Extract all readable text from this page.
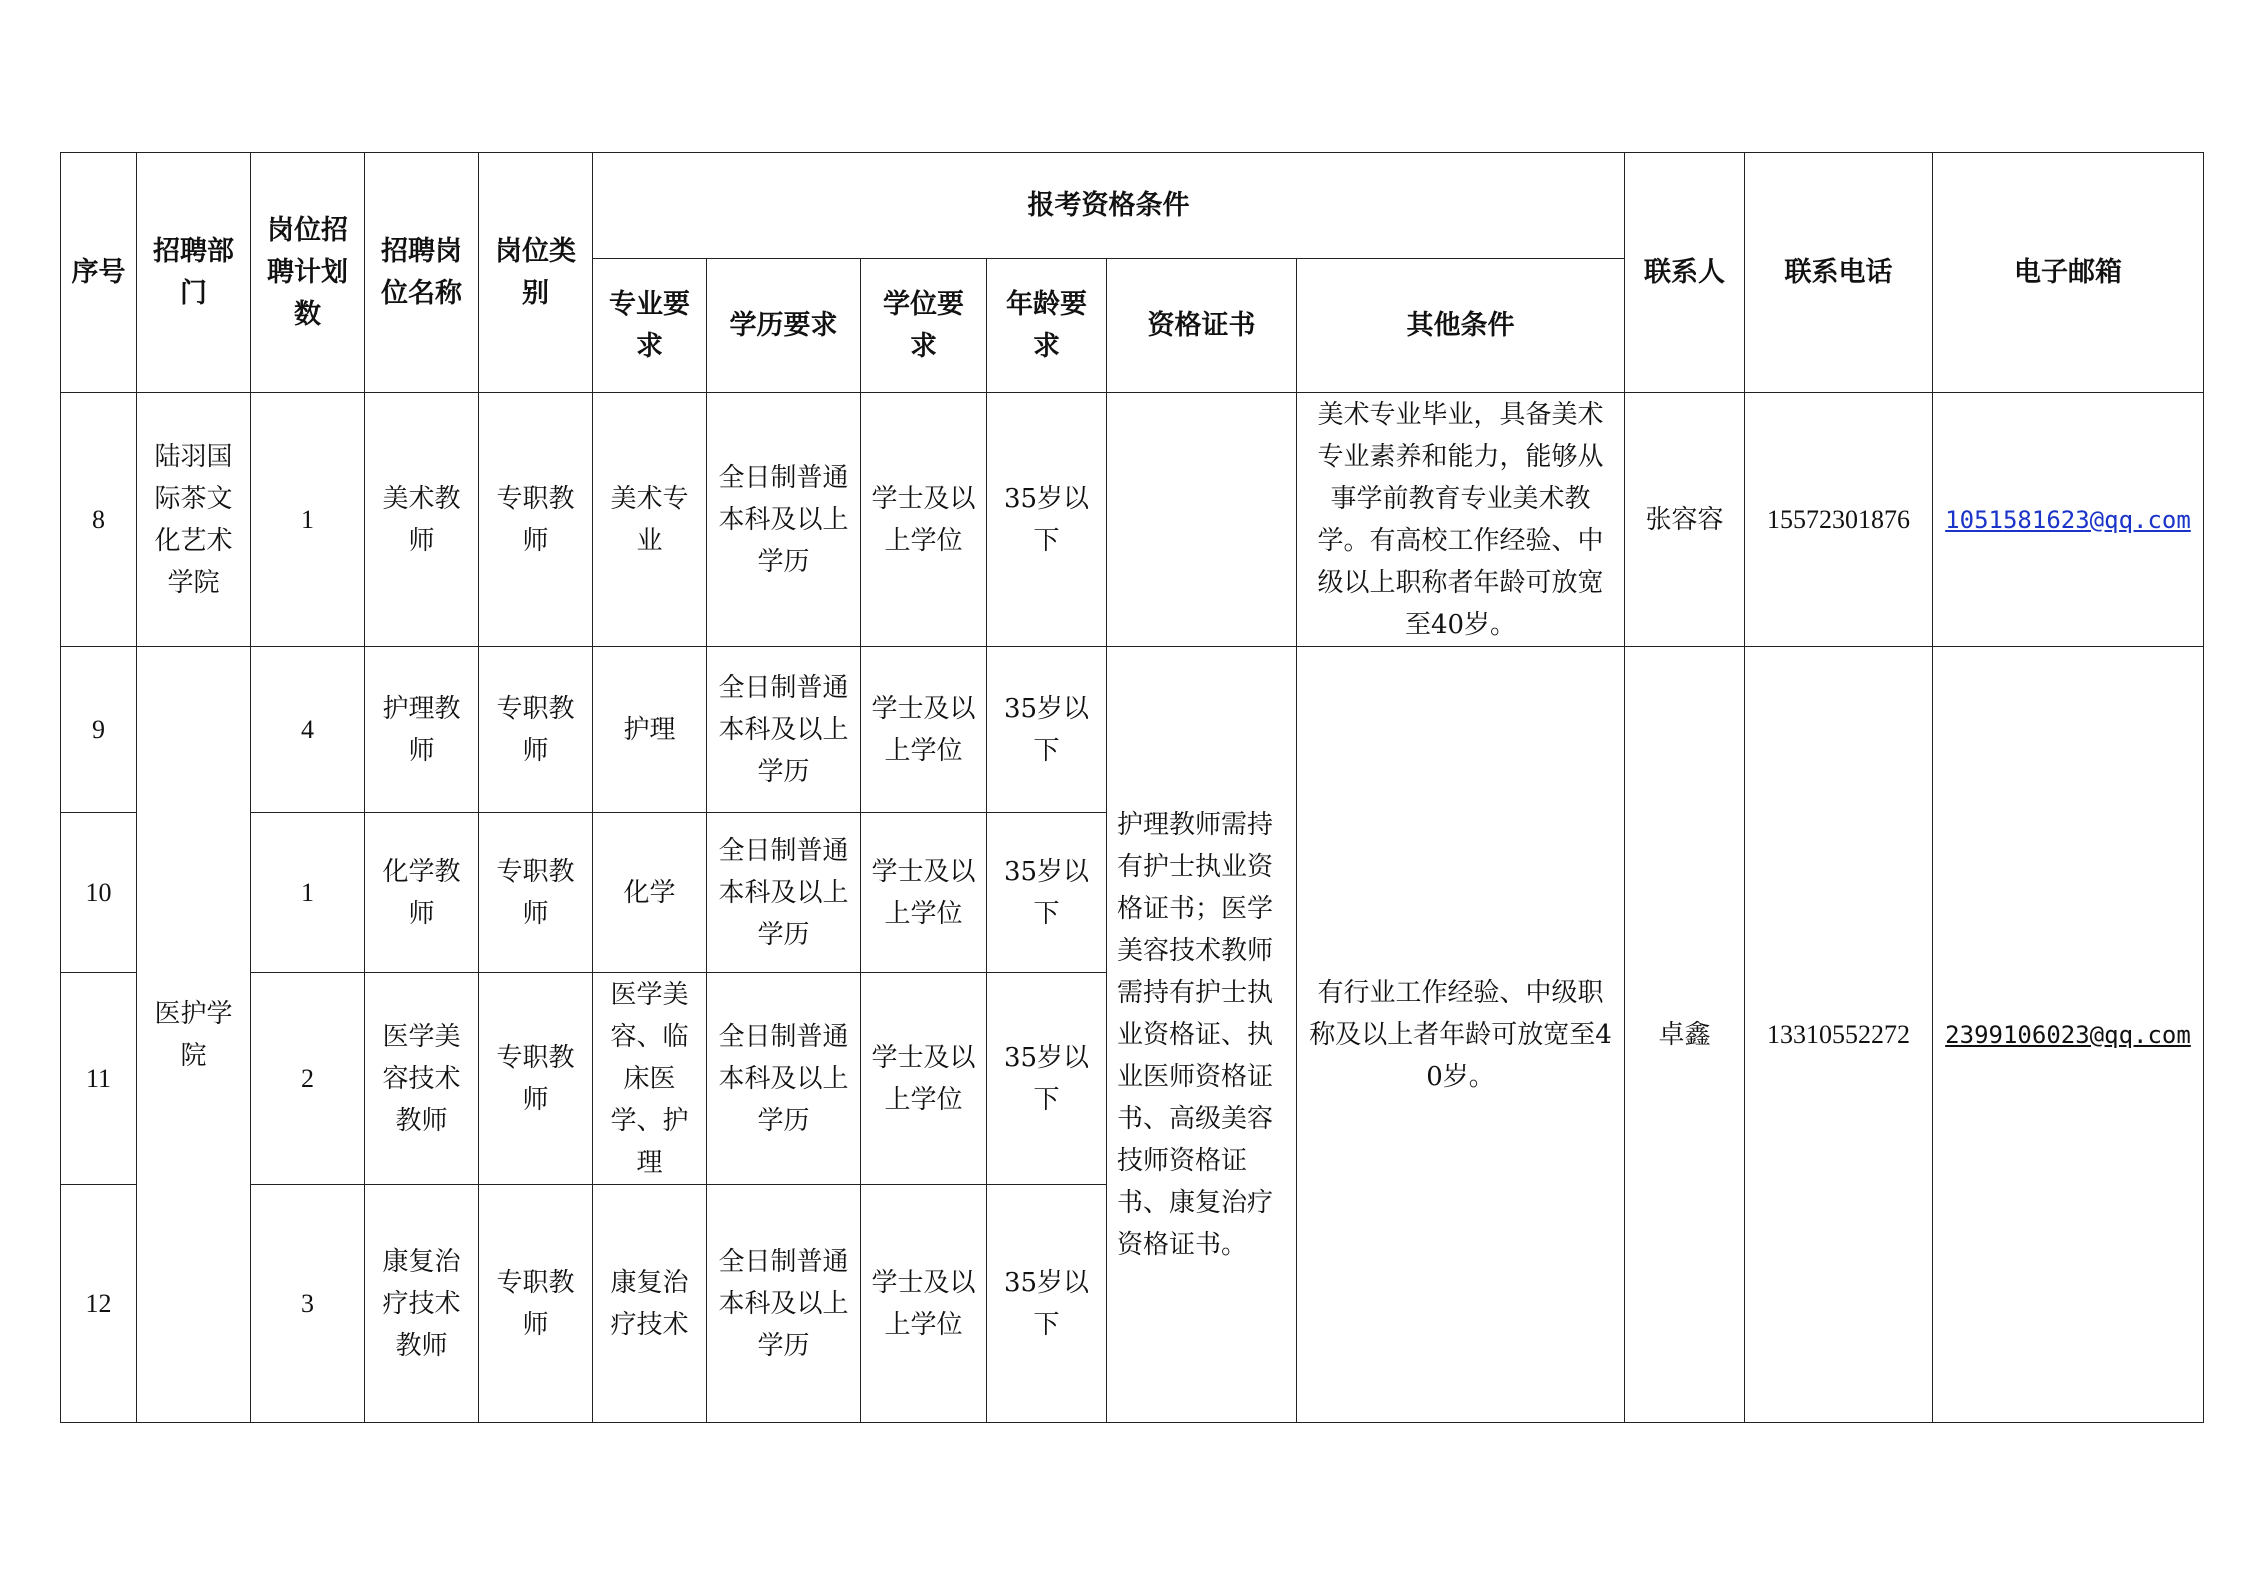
序号	招聘部门	岗位招聘计划数	招聘岗位名称	岗位类别	报考资格条件						联系人	联系电话	电子邮箱
					专业要求	学历要求	学位要求	年龄要求	资格证书	其他条件			
8	陆羽国际茶文化艺术学院	1	美术教师	专职教师	美术专业	全日制普通本科及以上学历	学士及以上学位	35岁以下		美术专业毕业，具备美术专业素养和能力，能够从事学前教育专业美术教学。有高校工作经验、中级以上职称者年龄可放宽至40岁。	张容容	15572301876	1051581623@qq.com
9	医护学院	4	护理教师	专职教师	护理	全日制普通本科及以上学历	学士及以上学位	35岁以下	护理教师需持有护士执业资格证书；医学美容技术教师需持有护士执业资格证、执业医师资格证书、高级美容技师资格证书、康复治疗资格证书。	有行业工作经验、中级职称及以上者年龄可放宽至40岁。	卓鑫	13310552272	2399106023@qq.com
10		1	化学教师	专职教师	化学	全日制普通本科及以上学历	学士及以上学位	35岁以下					
11		2	医学美容技术教师	专职教师	医学美容、临床医学、护理	全日制普通本科及以上学历	学士及以上学位	35岁以下					
12		3	康复治疗技术教师	专职教师	康复治疗技术	全日制普通本科及以上学历	学士及以上学位	35岁以下					
